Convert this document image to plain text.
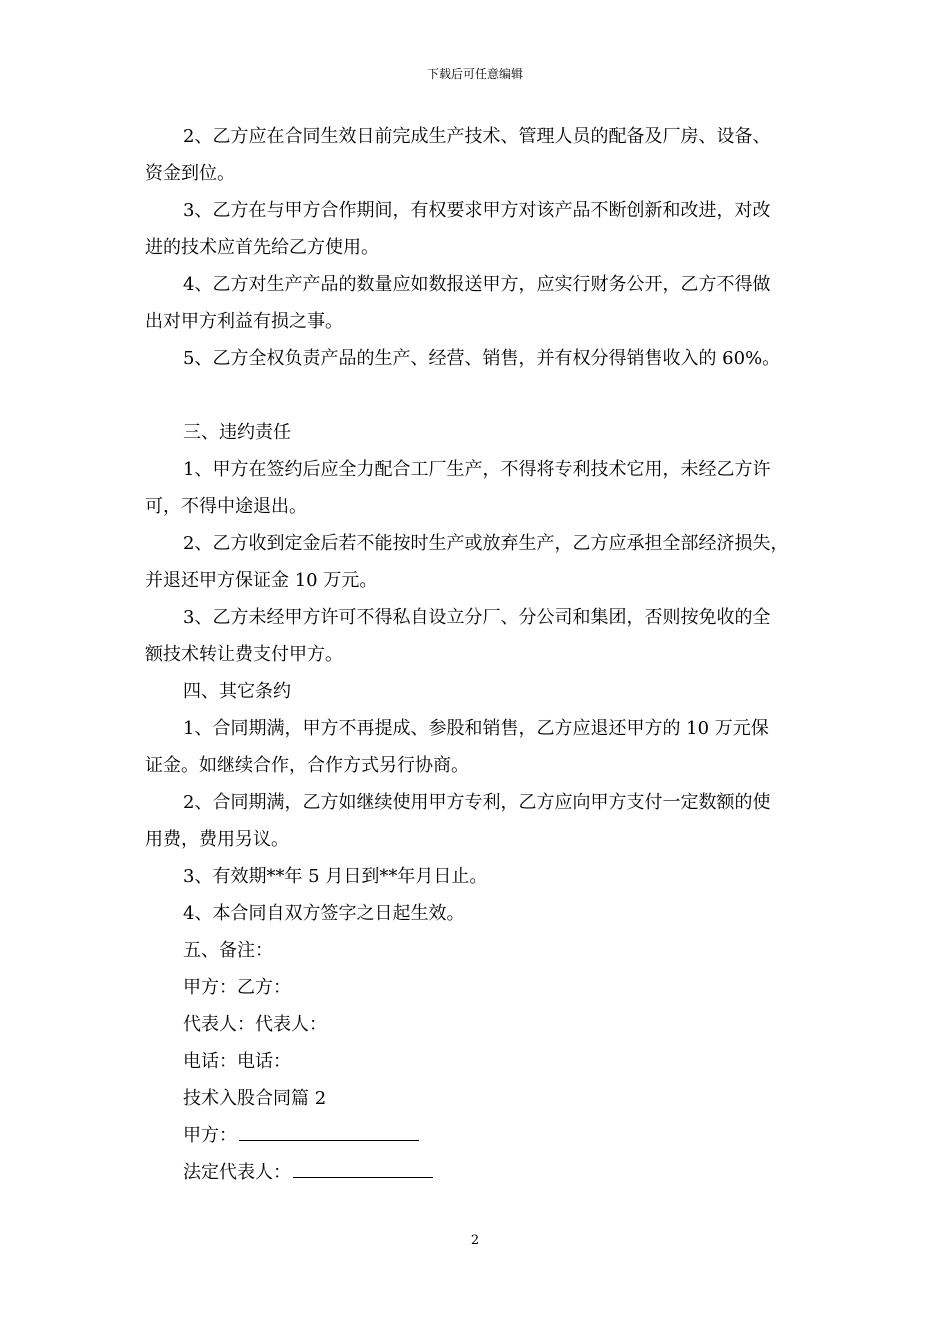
下载后可任意编辑
2、乙方应在合同生效日前完成生产技术、管理人员的配备及厂房、设备、
资金到位。
3、乙方在与甲方合作期间，有权要求甲方对该产品不断创新和改进，对改
进的技术应首先给乙方使用。
4、乙方对生产产品的数量应如数报送甲方，应实行财务公开，乙方不得做
出对甲方利益有损之事。
5、乙方全权负责产品的生产、经营、销售，并有权分得销售收入的 60%。
三、违约责任
1、甲方在签约后应全力配合工厂生产，不得将专利技术它用，未经乙方许
可，不得中途退出。
2、乙方收到定金后若不能按时生产或放弃生产，乙方应承担全部经济损失，
并退还甲方保证金 10 万元。
3、乙方未经甲方许可不得私自设立分厂、分公司和集团，否则按免收的全
额技术转让费支付甲方。
四、其它条约
1、合同期满，甲方不再提成、参股和销售，乙方应退还甲方的 10 万元保
证金。如继续合作，合作方式另行协商。
2、合同期满，乙方如继续使用甲方专利，乙方应向甲方支付一定数额的使
用费，费用另议。
3、有效期**年 5 月日到**年月日止。
4、本合同自双方签字之日起生效。
五、备注：
甲方：乙方：
代表人：代表人：
电话：电话：
技术入股合同篇 2
甲方：
法定代表人：
2
